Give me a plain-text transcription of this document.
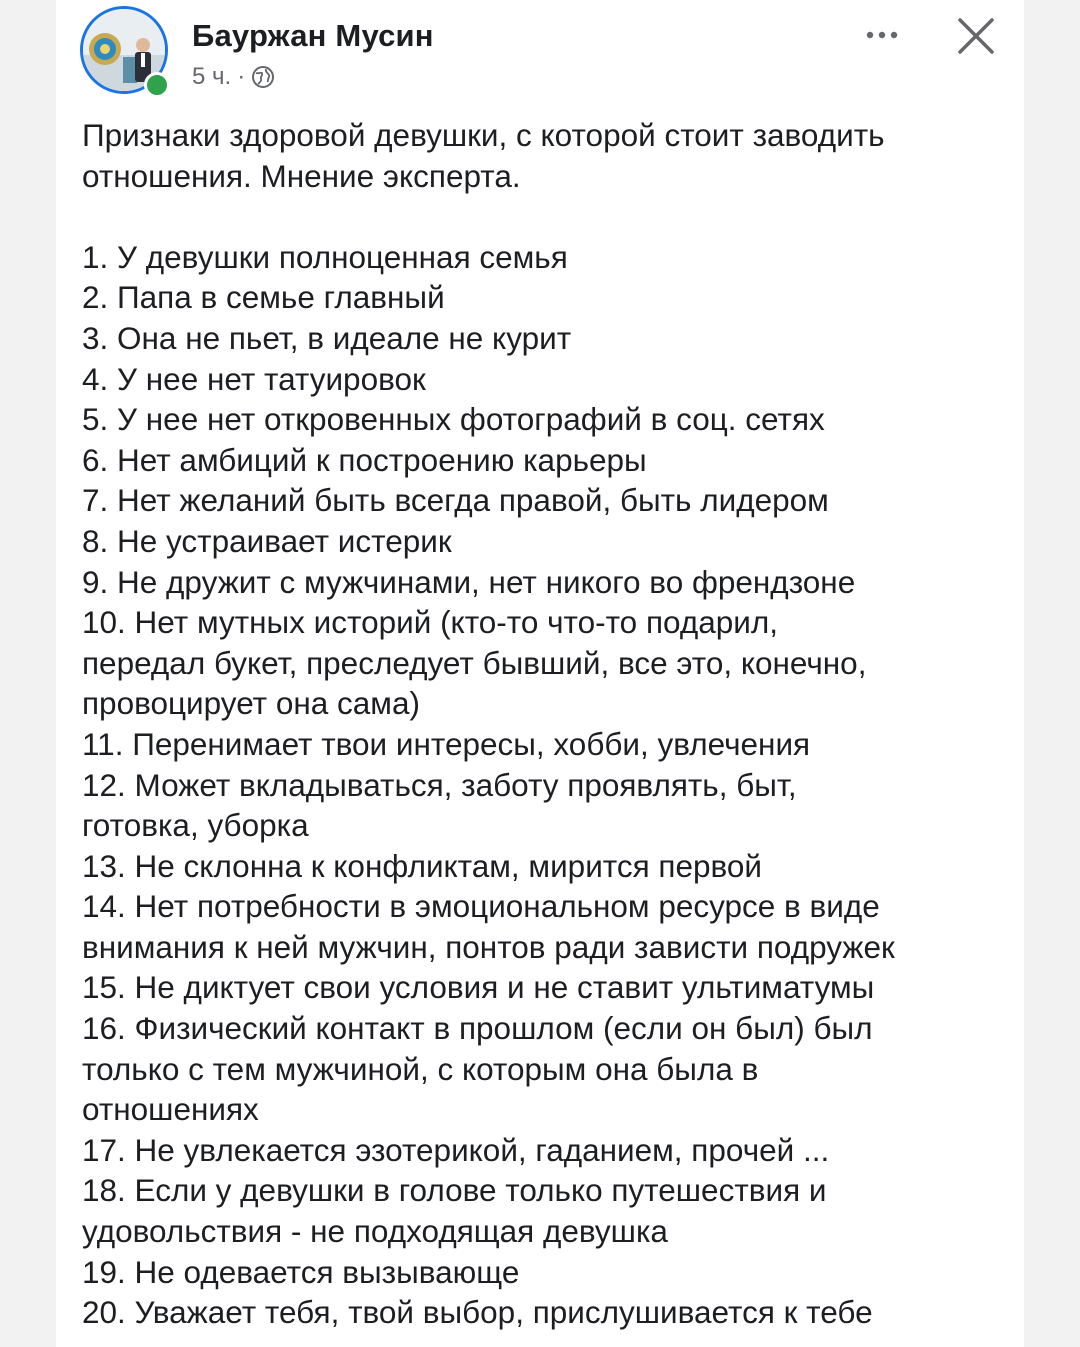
Бауржан Мусин
5 ч. ·

Признаки здоровой девушки, с которой стоит заводить

отношения. Мнение эксперта.

1. У девушки полноценная семья
2. Папа в семье главный
3. Она не пьет, в идеале не курит
4. У нее нет татуировок
5. У нее нет откровенных фотографий в соц. сетях
6. Нет амбиций к построению карьеры
7. Нет желаний быть всегда правой, быть лидером
8. Не устраивает истерик
9. Не дружит с мужчинами, нет никого во френдзоне
10. Нет мутных историй (кто-то что-то подарил,
передал букет, преследует бывший, все это, конечно,
провоцирует она сама)
11. Перенимает твои интересы, хобби, увлечения
12. Может вкладываться, заботу проявлять, быт,
готовка, уборка
13. Не склонна к конфликтам, мирится первой
14. Нет потребности в эмоциональном ресурсе в виде
внимания к ней мужчин, понтов ради зависти подружек
15. Не диктует свои условия и не ставит ультиматумы
16. Физический контакт в прошлом (если он был) был
только с тем мужчиной, с которым она была в
отношениях
17. Не увлекается эзотерикой, гаданием, прочей ...
18. Если у девушки в голове только путешествия и
удовольствия - не подходящая девушка
19. Не одевается вызывающе
20. Уважает тебя, твой выбор, прислушивается к тебе
